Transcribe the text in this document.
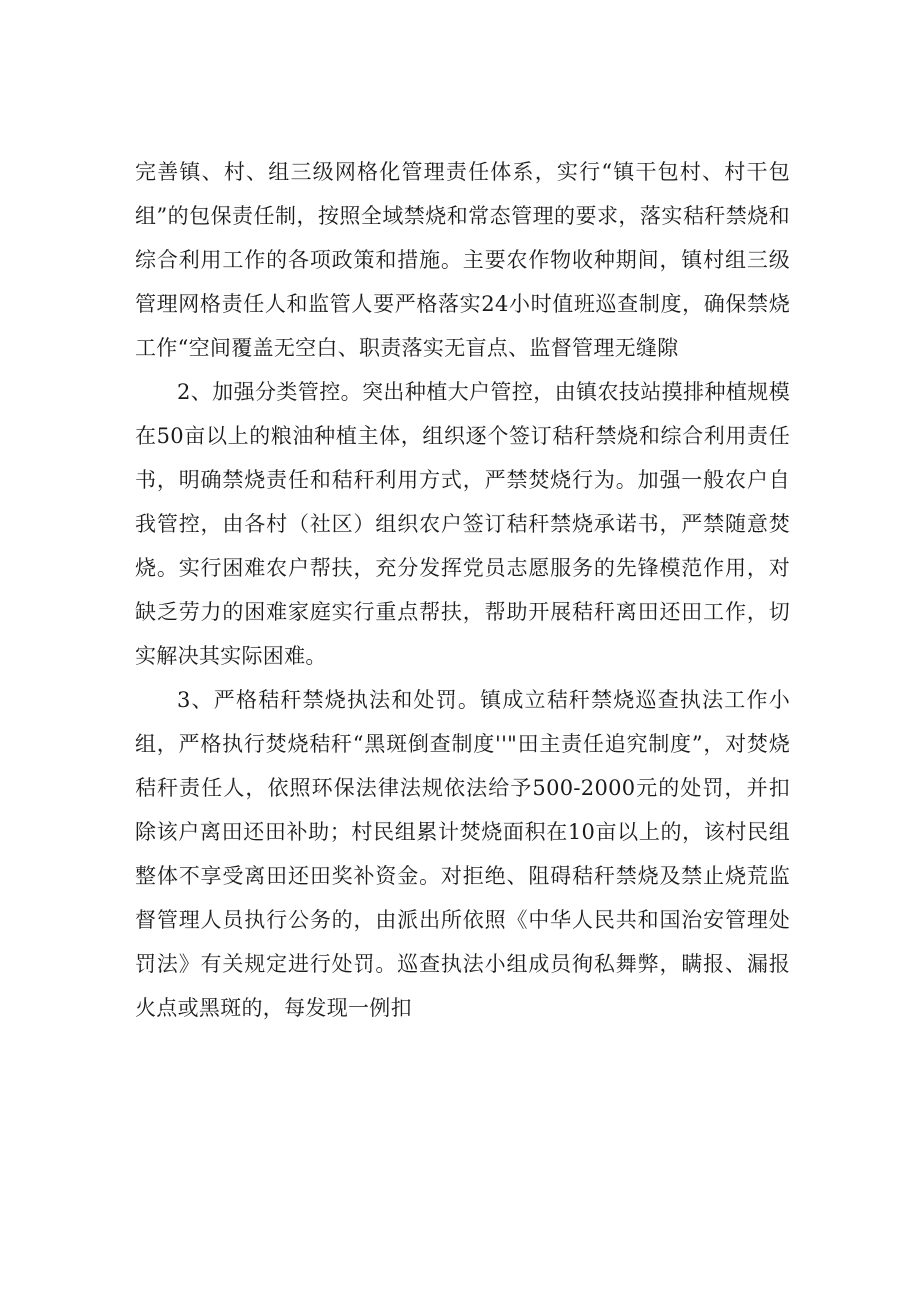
完善镇、村、组三级网格化管理责任体系，实行“镇干包村、村干包组”的包保责任制，按照全域禁烧和常态管理的要求，落实秸秆禁烧和综合利用工作的各项政策和措施。主要农作物收种期间，镇村组三级管理网格责任人和监管人要严格落实24小时值班巡查制度，确保禁烧工作“空间覆盖无空白、职责落实无盲点、监督管理无缝隙

2、加强分类管控。突出种植大户管控，由镇农技站摸排种植规模在50亩以上的粮油种植主体，组织逐个签订秸秆禁烧和综合利用责任书，明确禁烧责任和秸秆利用方式，严禁焚烧行为。加强一般农户自我管控，由各村（社区）组织农户签订秸秆禁烧承诺书，严禁随意焚烧。实行困难农户帮扶，充分发挥党员志愿服务的先锋模范作用，对缺乏劳力的困难家庭实行重点帮扶，帮助开展秸秆离田还田工作，切实解决其实际困难。

3、严格秸秆禁烧执法和处罚。镇成立秸秆禁烧巡查执法工作小组，严格执行焚烧秸秆“黑斑倒查制度''"田主责任追究制度”，对焚烧秸秆责任人，依照环保法律法规依法给予500-2000元的处罚，并扣除该户离田还田补助；村民组累计焚烧面积在10亩以上的，该村民组整体不享受离田还田奖补资金。对拒绝、阻碍秸秆禁烧及禁止烧荒监督管理人员执行公务的，由派出所依照《中华人民共和国治安管理处罚法》有关规定进行处罚。巡查执法小组成员徇私舞弊，瞒报、漏报火点或黑斑的，每发现一例扣
